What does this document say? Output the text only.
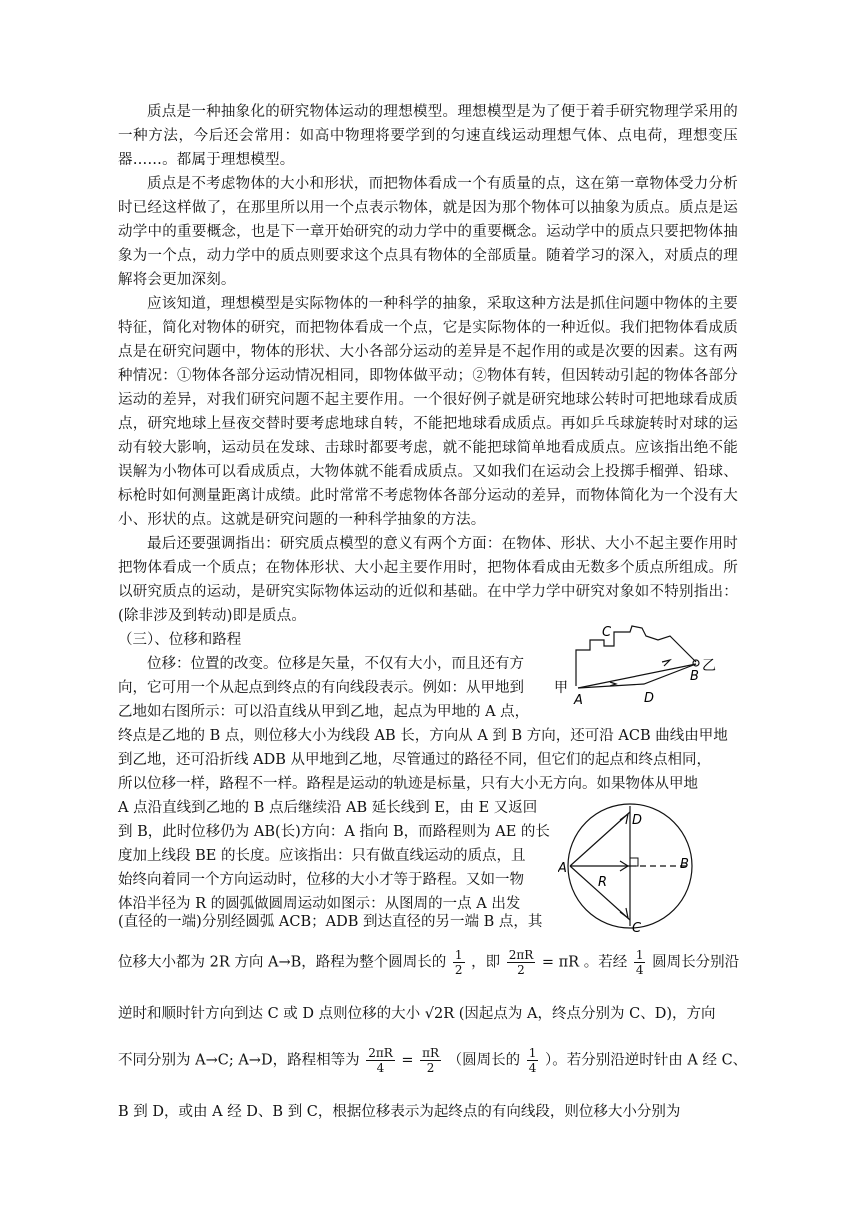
质点是一种抽象化的研究物体运动的理想模型。理想模型是为了便于着手研究物理学采用的一种方法，今后还会常用：如高中物理将要学到的匀速直线运动理想气体、点电荷，理想变压器……。都属于理想模型。
质点是不考虑物体的大小和形状，而把物体看成一个有质量的点，这在第一章物体受力分析时已经这样做了，在那里所以用一个点表示物体，就是因为那个物体可以抽象为质点。质点是运动学中的重要概念，也是下一章开始研究的动力学中的重要概念。运动学中的质点只要把物体抽象为一个点，动力学中的质点则要求这个点具有物体的全部质量。随着学习的深入，对质点的理解将会更加深刻。
应该知道，理想模型是实际物体的一种科学的抽象，采取这种方法是抓住问题中物体的主要特征，简化对物体的研究，而把物体看成一个点，它是实际物体的一种近似。我们把物体看成质点是在研究问题中，物体的形状、大小各部分运动的差异是不起作用的或是次要的因素。这有两种情况：①物体各部分运动情况相同，即物体做平动；②物体有转，但因转动引起的物体各部分运动的差异，对我们研究问题不起主要作用。一个很好例子就是研究地球公转时可把地球看成质点，研究地球上昼夜交替时要考虑地球自转，不能把地球看成质点。再如乒乓球旋转时对球的运动有较大影响，运动员在发球、击球时都要考虑，就不能把球简单地看成质点。应该指出绝不能误解为小物体可以看成质点，大物体就不能看成质点。又如我们在运动会上投掷手榴弹、铅球、标枪时如何测量距离计成绩。此时常常不考虑物体各部分运动的差异，而物体简化为一个没有大小、形状的点。这就是研究问题的一种科学抽象的方法。
最后还要强调指出：研究质点模型的意义有两个方面：在物体、形状、大小不起主要作用时把物体看成一个质点；在物体形状、大小起主要作用时，把物体看成由无数多个质点所组成。所以研究质点的运动，是研究实际物体运动的近似和基础。在中学力学中研究对象如不特别指出：(除非涉及到转动)即是质点。
（三）、位移和路程
位移：位置的改变。位移是矢量，不仅有大小，而且还有方
向，它可用一个从起点到终点的有向线段表示。例如：从甲地到
乙地如右图所示：可以沿直线从甲到乙地，起点为甲地的 A 点，
甲
A
B
乙
C
D
终点是乙地的 B 点，则位移大小为线段 AB 长，方向从 A 到 B 方向，还可沿 ACB 曲线由甲地
到乙地，还可沿折线 ADB 从甲地到乙地，尽管通过的路径不同，但它们的起点和终点相同，
所以位移一样，路程不一样。路程是运动的轨迹是标量，只有大小无方向。如果物体从甲地
A 点沿直线到乙地的 B 点后继续沿 AB 延长线到 E，由 E 又返回
到 B，此时位移仍为 AB(长)方向：A 指向 B，而路程则为 AE 的长
度加上线段 BE 的长度。应该指出：只有做直线运动的质点，且
始终向着同一个方向运动时，位移的大小才等于路程。又如一物
体沿半径为 R 的圆弧做圆周运动如图示：从图周的一点 A 出发
(直径的一端)分别经圆弧 ACB；ADB 到达直径的另一端 B 点，其
A	B
D
C
R
位移大小都为 2R 方向 A→B，路程为整个圆周长的 $\frac{1}{2}$ ，即 $\frac{2\pi R}{2} = \pi R$ 。若经 $\frac{1}{4}$ 圆周长分别沿
逆时和顺时针方向到达 C 或 D 点则位移的大小 √2R (因起点为 A，终点分别为 C、D)，方向
不同分别为 A→C; A→D，路程相等为 $\frac{2\pi R}{4} = \frac{\pi R}{2}$ （圆周长的 $\frac{1}{4}$ ）。若分别沿逆时针由 A 经 C、
B 到 D，或由 A 经 D、B 到 C，根据位移表示为起终点的有向线段，则位移大小分别为
